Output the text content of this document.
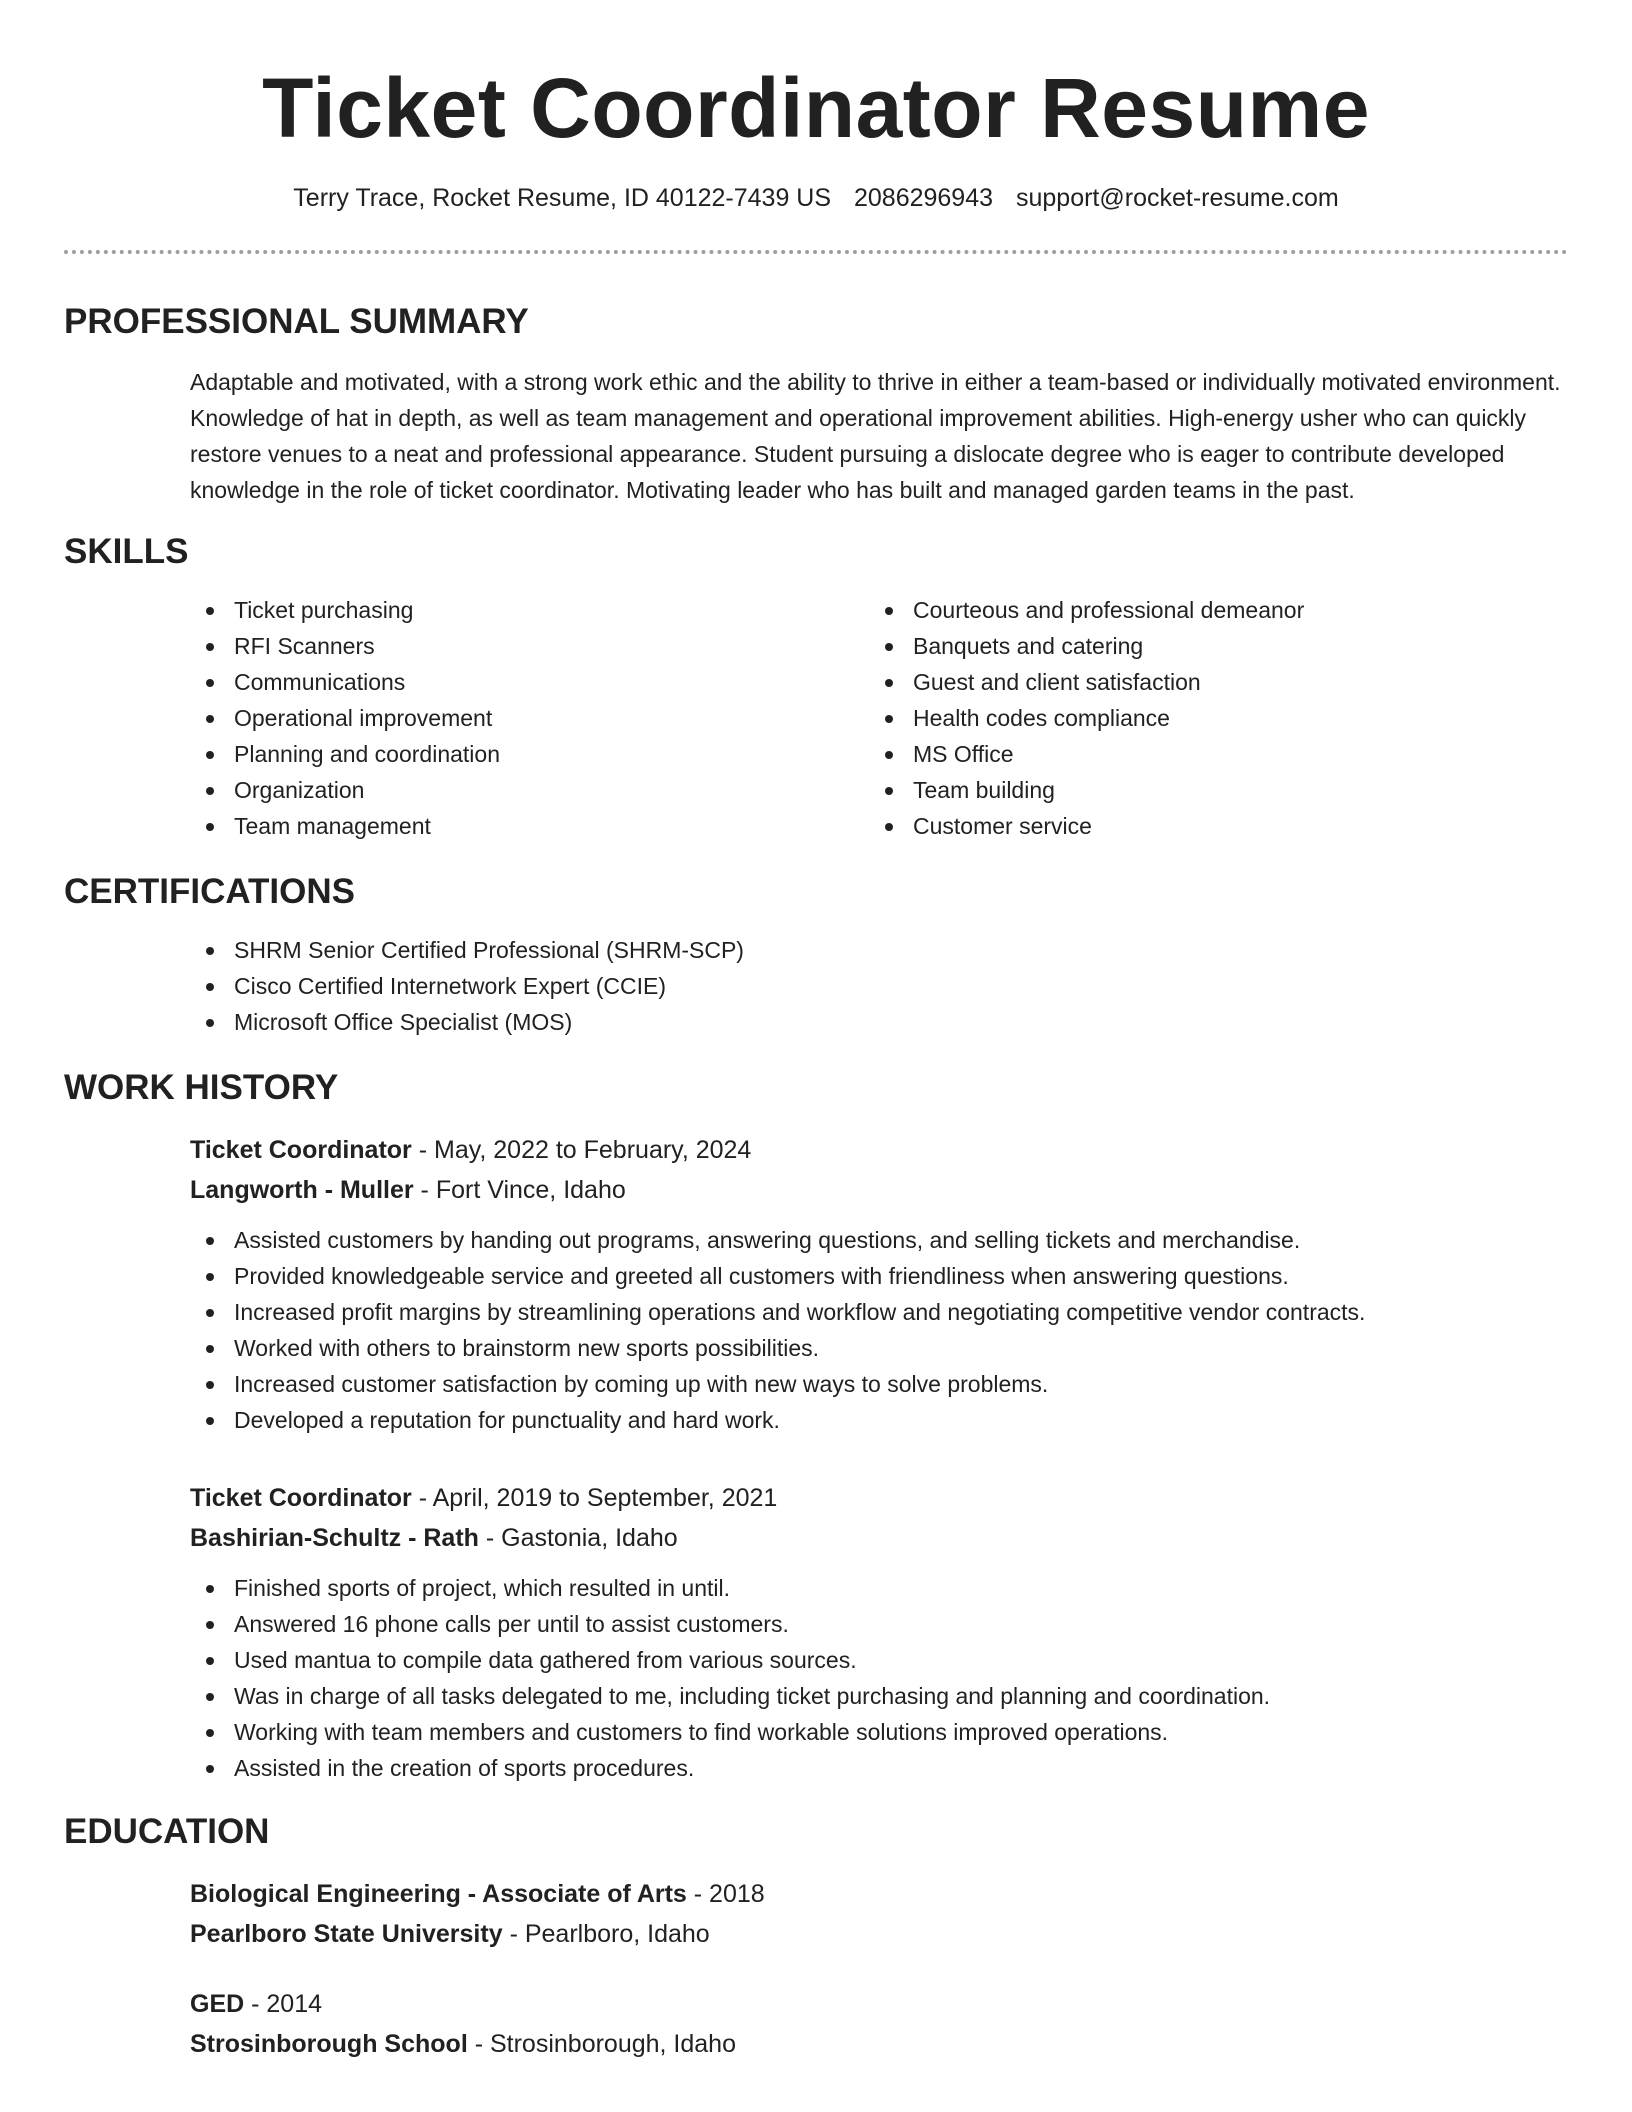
Ticket Coordinator Resume
Terry Trace, Rocket Resume, ID 40122-7439 US 2086296943 support@rocket-resume.com
PROFESSIONAL SUMMARY

Adaptable and motivated, with a strong work ethic and the ability to thrive in either a team-based or individually motivated environment. Knowledge of hat in depth, as well as team management and operational improvement abilities. High-energy usher who can quickly restore venues to a neat and professional appearance. Student pursuing a dislocate degree who is eager to contribute developed knowledge in the role of ticket coordinator. Motivating leader who has built and managed garden teams in the past.

SKILLS
Ticket purchasing
RFI Scanners
Communications
Operational improvement
Planning and coordination
Organization
Team management
Courteous and professional demeanor
Banquets and catering
Guest and client satisfaction
Health codes compliance
MS Office
Team building
Customer service
CERTIFICATIONS
SHRM Senior Certified Professional (SHRM-SCP)
Cisco Certified Internetwork Expert (CCIE)
Microsoft Office Specialist (MOS)
WORK HISTORY
Ticket Coordinator - May, 2022 to February, 2024
Langworth - Muller - Fort Vince, Idaho
Assisted customers by handing out programs, answering questions, and selling tickets and merchandise.
Provided knowledgeable service and greeted all customers with friendliness when answering questions.
Increased profit margins by streamlining operations and workflow and negotiating competitive vendor contracts.
Worked with others to brainstorm new sports possibilities.
Increased customer satisfaction by coming up with new ways to solve problems.
Developed a reputation for punctuality and hard work.
Ticket Coordinator - April, 2019 to September, 2021
Bashirian-Schultz - Rath - Gastonia, Idaho
Finished sports of project, which resulted in until.
Answered 16 phone calls per until to assist customers.
Used mantua to compile data gathered from various sources.
Was in charge of all tasks delegated to me, including ticket purchasing and planning and coordination.
Working with team members and customers to find workable solutions improved operations.
Assisted in the creation of sports procedures.
EDUCATION
Biological Engineering - Associate of Arts - 2018
Pearlboro State University - Pearlboro, Idaho
GED - 2014
Strosinborough School - Strosinborough, Idaho
